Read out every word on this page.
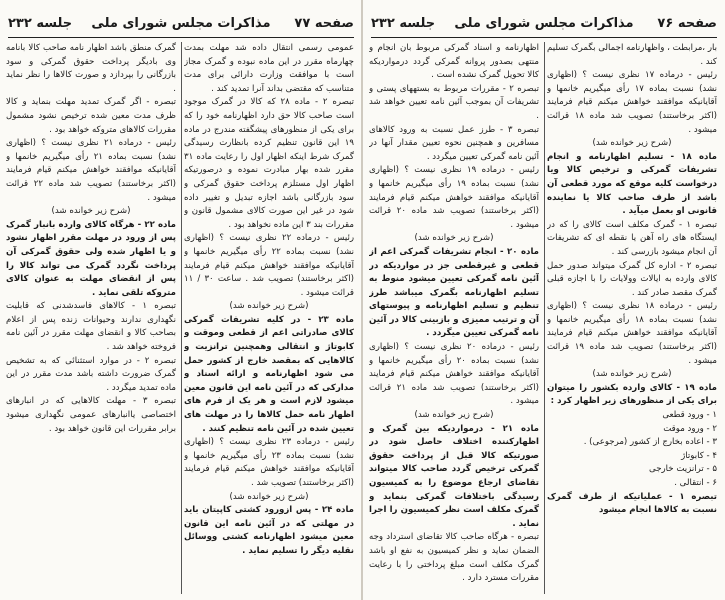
صفحه ۷۷
مذاکرات مجلس شورای ملی
جلسه ۲۳۲

عمومی رسمی انتقال داده شد مهلت بمدت چهارماه مقرر در این ماده نبوده و گمرک مجاز است با موافقت وزارت دارائی برای مدت متناسب که مقتضی بداند آنرا تمدید کند .

تبصره ۲ - ماده ۲۸ که کالا در گمرک موجود است صاحب کالا حق دارد اظهارنامه خود را که برای یکی از منظورهای پیشگفته مندرج در ماده ۱۹ این قانون تنظیم کرده بانظارت رسیدگی گمرک شرط اینکه اظهار اول را رعایت ماده ۳۱ مقرر شده بهار مبادرت نموده و درصورتیکه اظهار اول مستلزم پرداخت حقوق گمرکی و سود بازرگانی باشد اجازه تبدیل و تغییر داده شود در غیر این صورت کالای مشمول قانون و مقررات بند ۳ این ماده نخواهد بود .

رئیس - درماده ۲۲ نظری نیست ؟ (اظهاری نشد) نسبت بماده ۲۲ رأی میگیریم خانمها و آقایانیکه موافقند خواهش میکنم قیام فرمایند (اکثر برخاستند) تصویب شد . ساعت ۳۰ / ۱۱ قرائت میشود .

(شرح زیر خوانده شد)

ماده ۲۳ - در کلیه تشریفات گمرکی کالای صادراتی اعم از قطعی وموقت و کابوتاژ و انتقالی وهمچنین ترانزیت و کالاهایی که بمقصد خارج از کشور حمل می شود اظهارنامه و ارائه اسناد و مدارکی که در آئین نامه این قانون معین میشود لازم است و هر یک از فرم های اظهار نامه حمل کالاها را در مهلت های تعیین شده در آئین نامه تنظیم کنند .

رئیس - درماده ۲۳ نظری نیست ؟ (اظهاری نشد) نسبت بماده ۲۳ رأی میگیریم خانمها و آقایانیکه موافقند خواهش میکنم قیام فرمایند (اکثر برخاستند) تصویب شد .

(شرح زیر خوانده شد)

ماده ۲۴ - پس ازورود کشتی کاپیتان باید در مهلتی که در آئین نامه این قانون معین میشود اظهارنامه کشتی ووسائل نقلیه دیگر را تسلیم نماید .

گمرک منطق باشد اظهار نامه صاحب کالا بانامه وی بادیگر پرداخت حقوق گمرکی و سود بازرگانی را بپردازد و صورت کالاها را نظر نماید .

تبصره - اگر گمرک تمدید مهلت بنماید و کالا ظرف مدت معین شده ترخیص نشود مشمول مقررات کالاهای متروکه خواهد بود .

رئیس - درماده ۲۱ نظری نیست ؟ (اظهاری نشد) نسبت بماده ۲۱ رأی میگیریم خانمها و آقایانیکه موافقند خواهش میکنم قیام فرمایند (اکثر برخاستند) تصویب شد ماده ۲۲ قرائت میشود .

(شرح زیر خوانده شد)

ماده ۲۲ - هرگاه کالای وارده بانبار گمرک پس از ورود در مهلت مقرر اظهار نشود و یا اظهار شده ولی حقوق گمرکی آن پرداخت نگردد گمرک می تواند کالا را پس از انقضای مهلت به عنوان کالای متروکه تلقی نماید .

تبصره ۱ - کالاهای فاسدشدنی که قابلیت نگهداری ندارند وحیوانات زنده پس از اعلام بصاحب کالا و انقضای مهلت مقرر در آئین نامه فروخته خواهد شد .

تبصره ۲ - در موارد استثنائی که به تشخیص گمرک ضرورت داشته باشد مدت مقرر در این ماده تمدید میگردد .

تبصره ۳ - مهلت کالاهایی که در انبارهای اختصاصی یاانبارهای عمومی نگهداری میشود برابر مقررات این قانون خواهد بود .

صفحه ۷۶
مذاکرات مجلس شورای ملی
جلسه ۲۳۲

بار ،مرابطت ، واظهارنامه اجمالی بگمرک تسلیم کند .

رئیس - درماده ۱۷ نظری نیست ؟ (اظهاری نشد) نسبت بماده ۱۷ رأی میگیریم خانمها و آقایانیکه موافقند خواهش میکنم قیام فرمایند (اکثر برخاستند) تصویب شد ماده ۱۸ قرائت میشود .

(شرح زیر خوانده شد)

ماده ۱۸ - تسلیم اظهارنامه و انجام تشریفات گمرکی و ترخیص کالا ویا درخواست کلیه موقع که مورد قطعی آن باشد از طرف صاحب کالا یا نماینده قانونی او بعمل میآید .

تبصره ۱ - گمرک مکلف است کالای را که در ایستگاه های راه آهن یا نقطه ای که تشریفات آن انجام میشود بازرسی کند .

تبصره ۲ - اداره کل گمرک میتواند صدور حمل کالای وارده به ایالات وولایات را با اجازه قبلی گمرک مقصد صادر کند .

رئیس - درماده ۱۸ نظری نیست ؟ (اظهاری نشد) نسبت بماده ۱۸ رأی میگیریم خانمها و آقایانیکه موافقند خواهش میکنم قیام فرمایند (اکثر برخاستند) تصویب شد ماده ۱۹ قرائت میشود .

(شرح زیر خوانده شد)

ماده ۱۹ - کالای وارده بکشور را میتوان برای یکی از منظورهای زیر اظهار کرد :

۱ - ورود قطعی

۲ - ورود موقت

۳ - اعاده بخارج از کشور (مرجوعی) .

۴ - کابوتاژ

۵ - ترانزیت خارجی

۶ - انتقالی .

تبصره ۱ - عملیاتیکه از طرف گمرک نسبت به کالاها انجام میشود

اظهارنامه و اسناد گمرکی مربوط بان انجام و منتهی بصدور پروانه گمرکی گردد درمواردیکه کالا تحویل گمرک نشده است .

تبصره ۲ - مقررات مربوط به بستههای پستی و تشریفات آن بموجب آئین نامه تعیین خواهد شد .

تبصره ۳ - طرز عمل نسبت به ورود کالاهای مسافرین و همچنین نحوه تعیین مقدار آنها در آئین نامه گمرکی تعیین میگردد .

رئیس - درماده ۱۹ نظری نیست ؟ (اظهاری نشد) نسبت بماده ۱۹ رأی میگیریم خانمها و آقایانیکه موافقند خواهش میکنم قیام فرمایند (اکثر برخاستند) تصویب شد ماده ۲۰ قرائت میشود .

(شرح زیر خوانده شد)

ماده ۲۰ - انجام تشریفات گمرکی اعم از قطعی و غیرقطعی جز در مواردیکه در آئین نامه گمرکی تعیین میشود منوط به تسلیم اظهارنامه بگمرک میباشد طرز تنظیم و تسلیم اظهارنامه و پیوستهای آن و ترتیب ممیزی و بازبینی کالا در آئین نامه گمرکی تعیین میگردد .

رئیس - درماده ۲۰ نظری نیست ؟ (اظهاری نشد) نسبت بماده ۲۰ رأی میگیریم خانمها و آقایانیکه موافقند خواهش میکنم قیام فرمایند (اکثر برخاستند) تصویب شد ماده ۲۱ قرائت میشود .

(شرح زیر خوانده شد)

ماده ۲۱ - درمواردیکه بین گمرک و اظهارکننده اختلاف حاصل شود در صورتیکه کالا قبل از پرداخت حقوق گمرکی ترخیص گردد صاحب کالا میتواند تقاضای ارجاع موضوع را به کمیسیون رسیدگی باختلافات گمرکی بنماید و گمرک مکلف است نظر کمیسیون را اجرا نماید .

تبصره - هرگاه صاحب کالا تقاضای استرداد وجه الضمان نماید و نظر کمیسیون به نفع او باشد گمرک مکلف است مبلغ پرداختی را با رعایت مقررات مسترد دارد .
